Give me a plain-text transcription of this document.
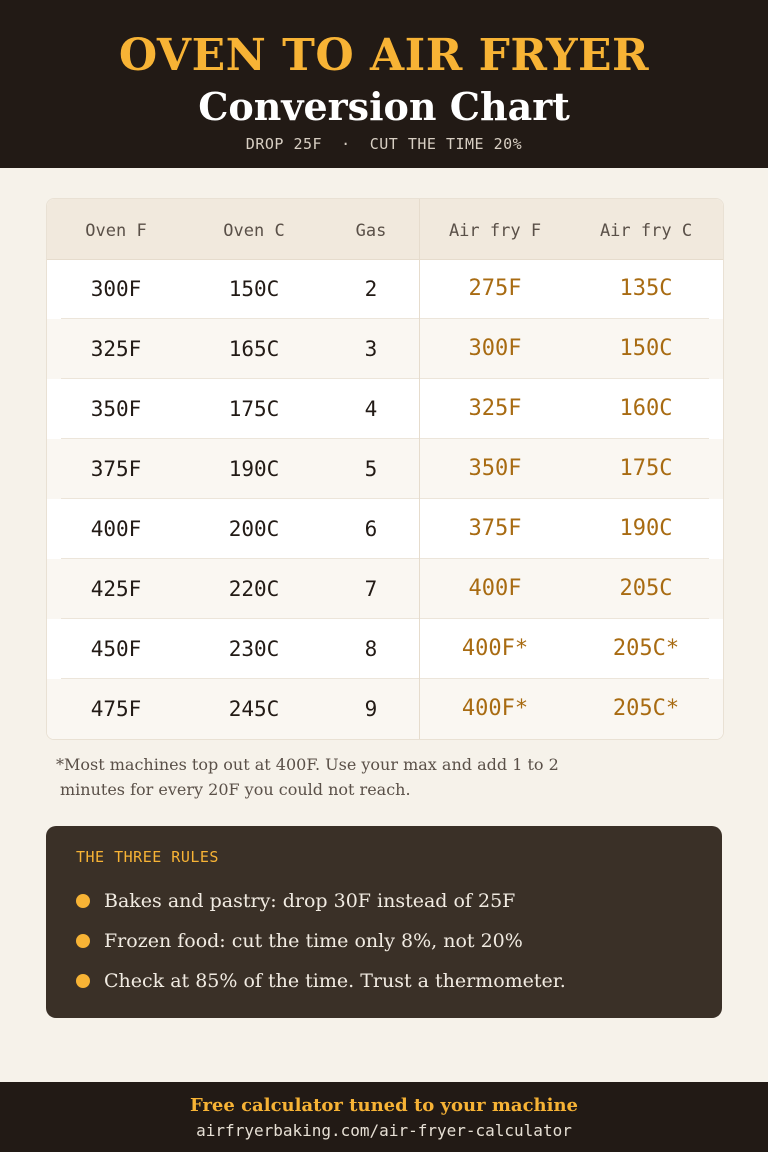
OVEN TO AIR FRYER
Conversion Chart
DROP 25F  ·  CUT THE TIME 20%
Oven F	Oven C	Gas	Air fry F	Air fry C
300F	150C	2	275F	135C
325F	165C	3	300F	150C
350F	175C	4	325F	160C
375F	190C	5	350F	175C
400F	200C	6	375F	190C
425F	220C	7	400F	205C
450F	230C	8	400F*	205C*
475F	245C	9	400F*	205C*
*Most machines top out at 400F. Use your max and add 1 to 2
minutes for every 20F you could not reach.
THE THREE RULES
Bakes and pastry: drop 30F instead of 25F
Frozen food: cut the time only 8%, not 20%
Check at 85% of the time. Trust a thermometer.
Free calculator tuned to your machine
airfryerbaking.com/air-fryer-calculator
